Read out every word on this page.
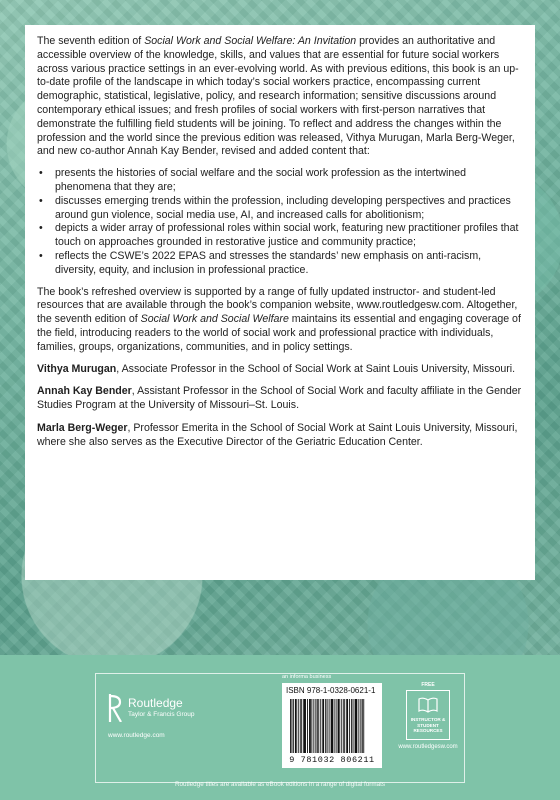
The seventh edition of Social Work and Social Welfare: An Invitation provides an authoritative and accessible overview of the knowledge, skills, and values that are essential for future social workers across various practice settings in an ever-evolving world. As with previous editions, this book is an up-to-date profile of the landscape in which today’s social workers practice, encompassing current demographic, statistical, legislative, policy, and research information; sensitive discussions around contemporary ethical issues; and fresh profiles of social workers with first-person narratives that demonstrate the fulfilling field students will be joining. To reflect and address the changes within the profession and the world since the previous edition was released, Vithya Murugan, Marla Berg-Weger, and new co-author Annah Kay Bender, revised and added content that:

• presents the histories of social welfare and the social work profession as the intertwined phenomena that they are;
• discusses emerging trends within the profession, including developing perspectives and practices around gun violence, social media use, AI, and increased calls for abolitionism;
• depicts a wider array of professional roles within social work, featuring new practitioner profiles that touch on approaches grounded in restorative justice and community practice;
• reflects the CSWE’s 2022 EPAS and stresses the standards’ new emphasis on anti-racism, diversity, equity, and inclusion in professional practice.

The book’s refreshed overview is supported by a range of fully updated instructor- and student-led resources that are available through the book’s companion website, www.routledgesw.com. Altogether, the seventh edition of Social Work and Social Welfare maintains its essential and engaging coverage of the field, introducing readers to the world of social work and professional practice with individuals, families, groups, organizations, communities, and in policy settings.

Vithya Murugan, Associate Professor in the School of Social Work at Saint Louis University, Missouri.

Annah Kay Bender, Assistant Professor in the School of Social Work and faculty affiliate in the Gender Studies Program at the University of Missouri–St. Louis.

Marla Berg-Weger, Professor Emerita in the School of Social Work at Saint Louis University, Missouri, where she also serves as the Executive Director of the Geriatric Education Center.

Routledge
Taylor & Francis Group
www.routledge.com
an informa business
ISBN 978-1-0328-0621-1
9 781032 806211
FREE
INSTRUCTOR & STUDENT RESOURCES
www.routledgesw.com
Routledge titles are available as eBook editions in a range of digital formats
